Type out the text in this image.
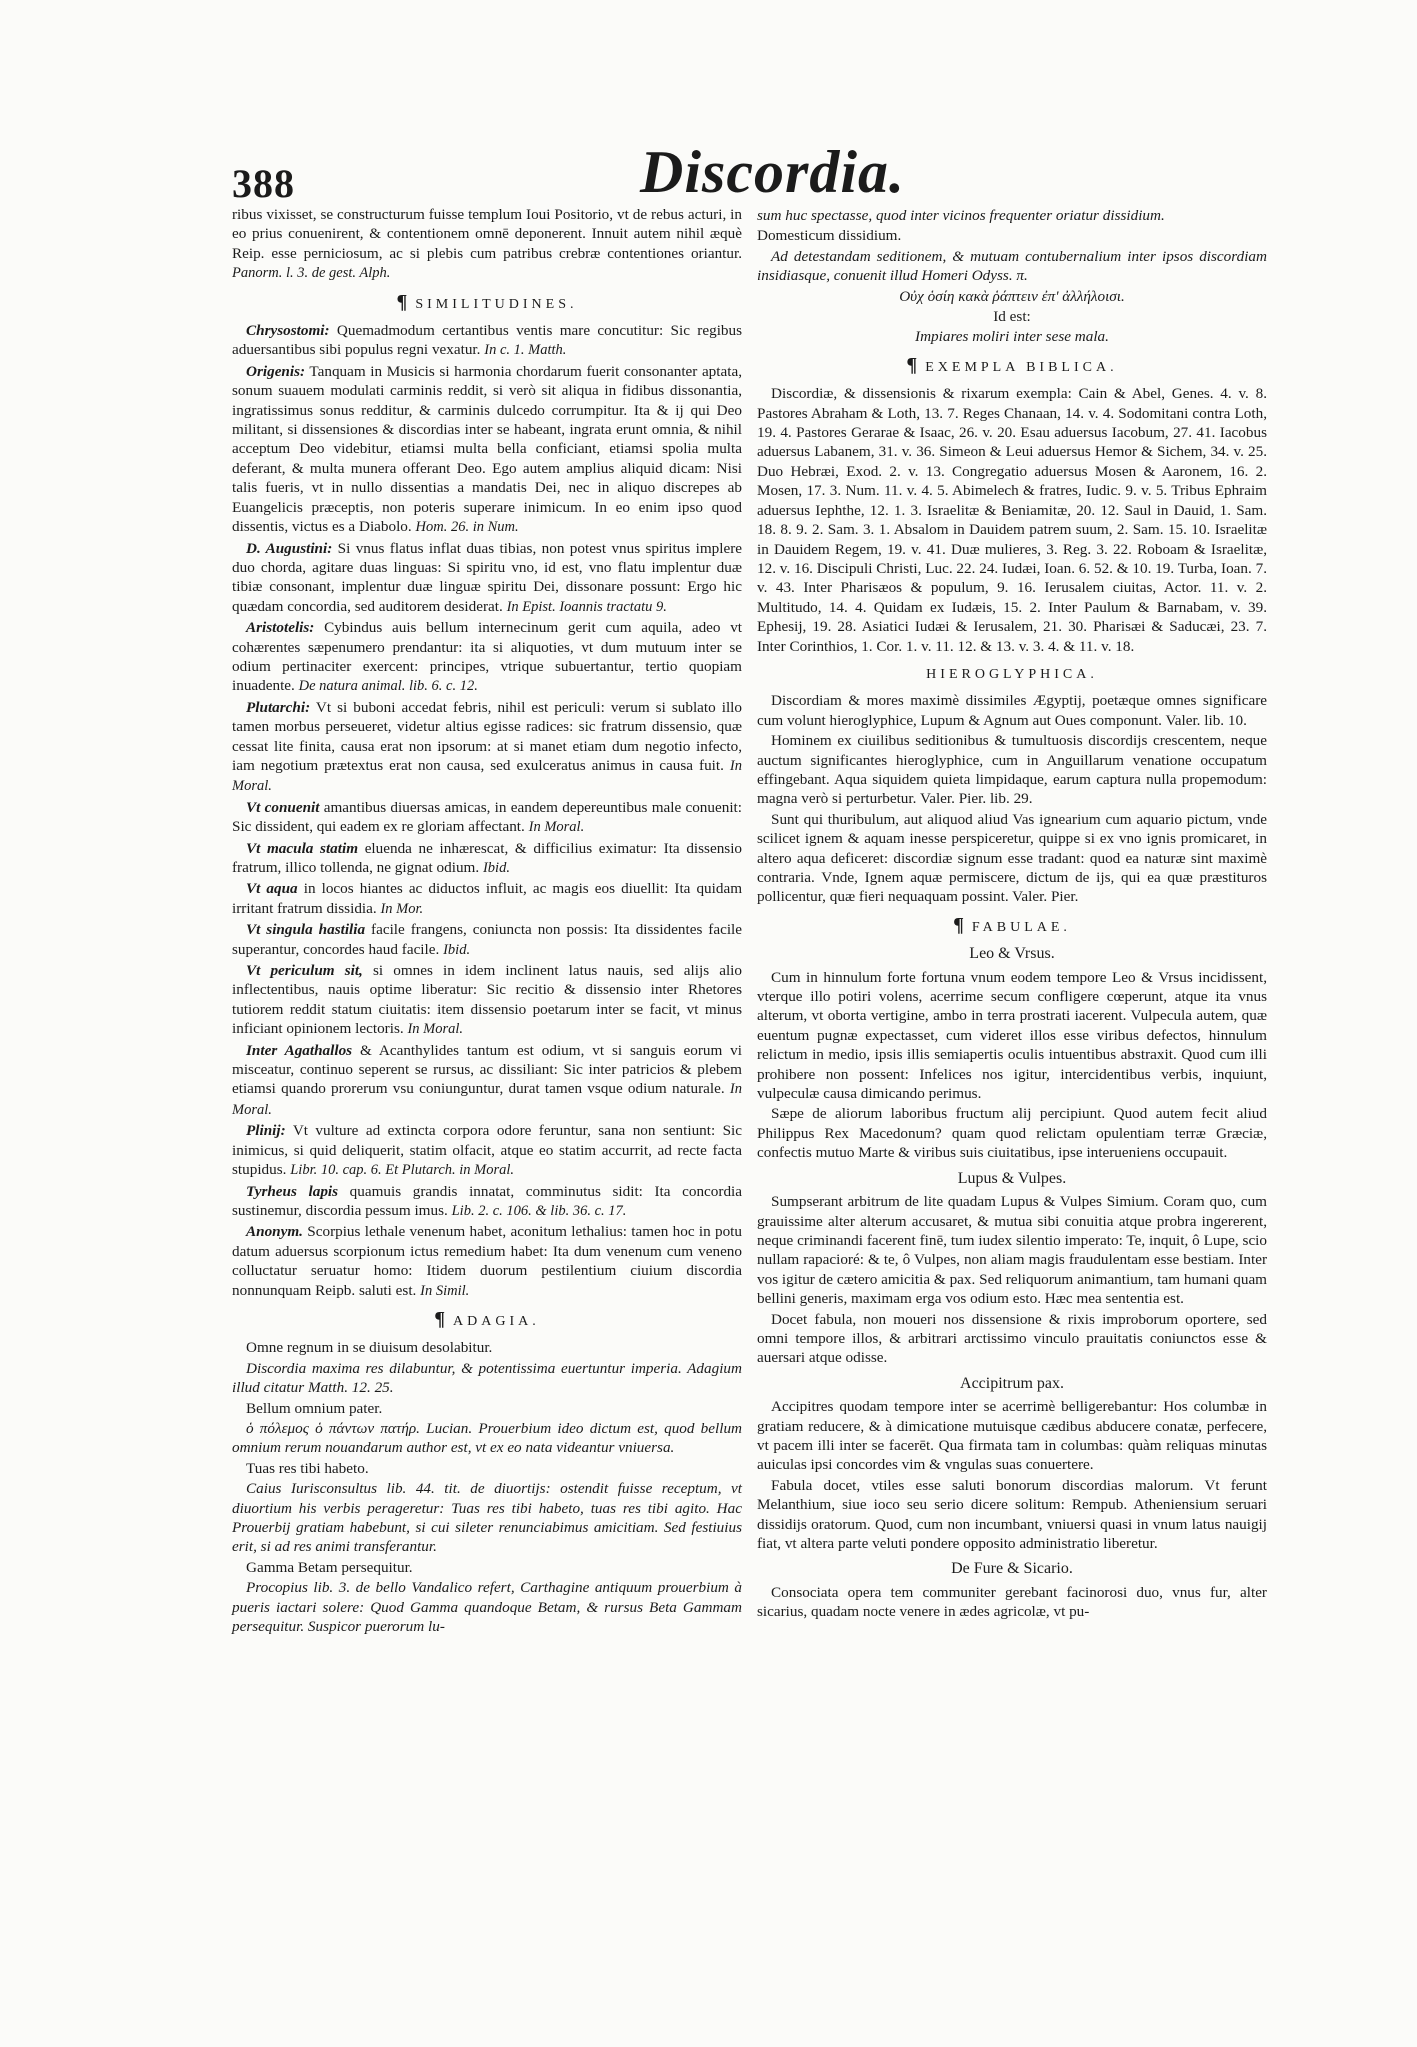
388	Discordia.

ribus vixisset, se constructurum fuisse templum Ioui Positorio, vt de rebus acturi, in eo prius conuenirent, & contentionem omnē deponerent. Innuit autem nihil æquè Reip. esse perniciosum, ac si plebis cum patribus crebræ contentiones oriantur. Panorm. l. 3. de gest. Alph.

¶ SIMILITUDINES.

Chrysostomi: Quemadmodum certantibus ventis mare concutitur: Sic regibus aduersantibus sibi populus regni vexatur. In c. 1. Matth.

Origenis: Tanquam in Musicis si harmonia chordarum fuerit consonanter aptata, sonum suauem modulati carminis reddit, si verò sit aliqua in fidibus dissonantia, ingratissimus sonus redditur, & carminis dulcedo corrumpitur. Ita & ij qui Deo militant, si dissensiones & discordias inter se habeant, ingrata erunt omnia, & nihil acceptum Deo videbitur, etiamsi multa bella conficiant, etiamsi spolia multa deferant, & multa munera offerant Deo. Ego autem amplius aliquid dicam: Nisi talis fueris, vt in nullo dissentias a mandatis Dei, nec in aliquo discrepes ab Euangelicis præceptis, non poteris superare inimicum. In eo enim ipso quod dissentis, victus es a Diabolo. Hom. 26. in Num.

D. Augustini: Si vnus flatus inflat duas tibias, non potest vnus spiritus implere duo chorda, agitare duas linguas: Si spiritu vno, id est, vno flatu implentur duæ tibiæ consonant, implentur duæ linguæ spiritu Dei, dissonare possunt: Ergo hic quædam concordia, sed auditorem desiderat. In Epist. Ioannis tractatu 9.

Aristotelis: Cybindus auis bellum internecinum gerit cum aquila, adeo vt cohærentes sæpenumero prendantur: ita si aliquoties, vt dum mutuum inter se odium pertinaciter exercent: principes, vtrique subuertantur, tertio quopiam inuadente. De natura animal. lib. 6. c. 12.

Plutarchi: Vt si buboni accedat febris, nihil est periculi: verum si sublato illo tamen morbus perseueret, videtur altius egisse radices: sic fratrum dissensio, quæ cessat lite finita, causa erat non ipsorum: at si manet etiam dum negotio infecto, iam negotium prætextus erat non causa, sed exulceratus animus in causa fuit. In Moral.

Vt conuenit amantibus diuersas amicas, in eandem depereuntibus male conuenit: Sic dissident, qui eadem ex re gloriam affectant. In Moral.

Vt macula statim eluenda ne inhærescat, & difficilius eximatur: Ita dissensio fratrum, illico tollenda, ne gignat odium. Ibid.

Vt aqua in locos hiantes ac diductos influit, ac magis eos diuellit: Ita quidam irritant fratrum dissidia. In Mor.

Vt singula hastilia facile frangens, coniuncta non possis: Ita dissidentes facile superantur, concordes haud facile. Ibid.

Vt periculum sit, si omnes in idem inclinent latus nauis, sed alijs alio inflectentibus, nauis optime liberatur: Sic recitio & dissensio inter Rhetores tutiorem reddit statum ciuitatis: item dissensio poetarum inter se facit, vt minus inficiant opinionem lectoris. In Moral.

Inter Agathallos & Acanthylides tantum est odium, vt si sanguis eorum vi misceatur, continuo seperent se rursus, ac dissiliant: Sic inter patricios & plebem etiamsi quando prorerum vsu coniunguntur, durat tamen vsque odium naturale. In Moral.

Plinij: Vt vulture ad extincta corpora odore feruntur, sana non sentiunt: Sic inimicus, si quid deliquerit, statim olfacit, atque eo statim accurrit, ad recte facta stupidus. Libr. 10. cap. 6. Et Plutarch. in Moral.

Tyrheus lapis quamuis grandis innatat, comminutus sidit: Ita concordia sustinemur, discordia pessum imus. Lib. 2. c. 106. & lib. 36. c. 17.

Anonym. Scorpius lethale venenum habet, aconitum lethalius: tamen hoc in potu datum aduersus scorpionum ictus remedium habet: Ita dum venenum cum veneno colluctatur seruatur homo: Itidem duorum pestilentium ciuium discordia nonnunquam Reipb. saluti est. In Simil.

¶ ADAGIA.

Omne regnum in se diuisum desolabitur.

Discordia maxima res dilabuntur, & potentissima euertuntur imperia. Adagium illud citatur Matth. 12. 25.

Bellum omnium pater.

ὁ πόλεμος ὁ πάντων πατήρ. Lucian. Prouerbium ideo dictum est, quod bellum omnium rerum nouandarum author est, vt ex eo nata videantur vniuersa.

Tuas res tibi habeto.

Caius Iurisconsultus lib. 44. tit. de diuortijs: ostendit fuisse receptum, vt diuortium his verbis perageretur: Tuas res tibi habeto, tuas res tibi agito. Hac Prouerbij gratiam habebunt, si cui sileter renunciabimus amicitiam. Sed festiuius erit, si ad res animi transferantur.

Gamma Betam persequitur.

Procopius lib. 3. de bello Vandalico refert, Carthagine antiquum prouerbium à pueris iactari solere: Quod Gamma quandoque Betam, & rursus Beta Gammam persequitur. Suspicor puerorum lu-

sum huc spectasse, quod inter vicinos frequenter oriatur dissidium.

Domesticum dissidium.

Ad detestandam seditionem, & mutuam contubernalium inter ipsos discordiam insidiasque, conuenit illud Homeri Odyss. π.

Οὐχ ὁσίη κακὰ ῥάπτειν ἐπ' ἀλλήλοισι.

Id est:

Impiares moliri inter sese mala.

¶ EXEMPLA BIBLICA.

Discordiæ, & dissensionis & rixarum exempla: Cain & Abel, Genes. 4. v. 8. Pastores Abraham & Loth, 13. 7. Reges Chanaan, 14. v. 4. Sodomitani contra Loth, 19. 4. Pastores Gerarae & Isaac, 26. v. 20. Esau aduersus Iacobum, 27. 41. Iacobus aduersus Labanem, 31. v. 36. Simeon & Leui aduersus Hemor & Sichem, 34. v. 25. Duo Hebræi, Exod. 2. v. 13. Congregatio aduersus Mosen & Aaronem, 16. 2. Mosen, 17. 3. Num. 11. v. 4. 5. Abimelech & fratres, Iudic. 9. v. 5. Tribus Ephraim aduersus Iephthe, 12. 1. 3. Israelitæ & Beniamitæ, 20. 12. Saul in Dauid, 1. Sam. 18. 8. 9. 2. Sam. 3. 1. Absalom in Dauidem patrem suum, 2. Sam. 15. 10. Israelitæ in Dauidem Regem, 19. v. 41. Duæ mulieres, 3. Reg. 3. 22. Roboam & Israelitæ, 12. v. 16. Discipuli Christi, Luc. 22. 24. Iudæi, Ioan. 6. 52. & 10. 19. Turba, Ioan. 7. v. 43. Inter Pharisæos & populum, 9. 16. Ierusalem ciuitas, Actor. 11. v. 2. Multitudo, 14. 4. Quidam ex Iudæis, 15. 2. Inter Paulum & Barnabam, v. 39. Ephesij, 19. 28. Asiatici Iudæi & Ierusalem, 21. 30. Pharisæi & Saducæi, 23. 7. Inter Corinthios, 1. Cor. 1. v. 11. 12. & 13. v. 3. 4. & 11. v. 18.

HIEROGLYPHICA.

Discordiam & mores maximè dissimiles Ægyptij, poetæque omnes significare cum volunt hieroglyphice, Lupum & Agnum aut Oues componunt. Valer. lib. 10.

Hominem ex ciuilibus seditionibus & tumultuosis discordijs crescentem, neque auctum significantes hieroglyphice, cum in Anguillarum venatione occupatum effingebant. Aqua siquidem quieta limpidaque, earum captura nulla propemodum: magna verò si perturbetur. Valer. Pier. lib. 29.

Sunt qui thuribulum, aut aliquod aliud Vas ignearium cum aquario pictum, vnde scilicet ignem & aquam inesse perspiceretur, quippe si ex vno ignis promicaret, in altero aqua deficeret: discordiæ signum esse tradant: quod ea naturæ sint maximè contraria. Vnde, Ignem aquæ permiscere, dictum de ijs, qui ea quæ præstituros pollicentur, quæ fieri nequaquam possint. Valer. Pier.

¶ FABULAE.
Leo & Vrsus.

Cum in hinnulum forte fortuna vnum eodem tempore Leo & Vrsus incidissent, vterque illo potiri volens, acerrime secum confligere cœperunt, atque ita vnus alterum, vt oborta vertigine, ambo in terra prostrati iacerent. Vulpecula autem, quæ euentum pugnæ expectasset, cum videret illos esse viribus defectos, hinnulum relictum in medio, ipsis illis semiapertis oculis intuentibus abstraxit. Quod cum illi prohibere non possent: Infelices nos igitur, intercidentibus verbis, inquiunt, vulpeculæ causa dimicando perimus.

Sæpe de aliorum laboribus fructum alij percipiunt. Quod autem fecit aliud Philippus Rex Macedonum? quam quod relictam opulentiam terræ Græciæ, confectis mutuo Marte & viribus suis ciuitatibus, ipse interueniens occupauit.

Lupus & Vulpes.

Sumpserant arbitrum de lite quadam Lupus & Vulpes Simium. Coram quo, cum grauissime alter alterum accusaret, & mutua sibi conuitia atque probra ingererent, neque criminandi facerent finē, tum iudex silentio imperato: Te, inquit, ô Lupe, scio nullam rapacioré: & te, ô Vulpes, non aliam magis fraudulentam esse bestiam. Inter vos igitur de cætero amicitia & pax. Sed reliquorum animantium, tam humani quam bellini generis, maximam erga vos odium esto. Hæc mea sententia est.

Docet fabula, non moueri nos dissensione & rixis improborum oportere, sed omni tempore illos, & arbitrari arctissimo vinculo prauitatis coniunctos esse & auersari atque odisse.

Accipitrum pax.

Accipitres quodam tempore inter se acerrimè belligerebantur: Hos columbæ in gratiam reducere, & à dimicatione mutuisque cædibus abducere conatæ, perfecere, vt pacem illi inter se facerēt. Qua firmata tam in columbas: quàm reliquas minutas auiculas ipsi concordes vim & vngulas suas conuertere.

Fabula docet, vtiles esse saluti bonorum discordias malorum. Vt ferunt Melanthium, siue ioco seu serio dicere solitum: Rempub. Atheniensium seruari dissidijs oratorum. Quod, cum non incumbant, vniuersi quasi in vnum latus nauigij fiat, vt altera parte veluti pondere opposito administratio liberetur.

De Fure & Sicario.

Consociata opera tem communiter gerebant facinorosi duo, vnus fur, alter sicarius, quadam nocte venere in ædes agricolæ, vt pu-
